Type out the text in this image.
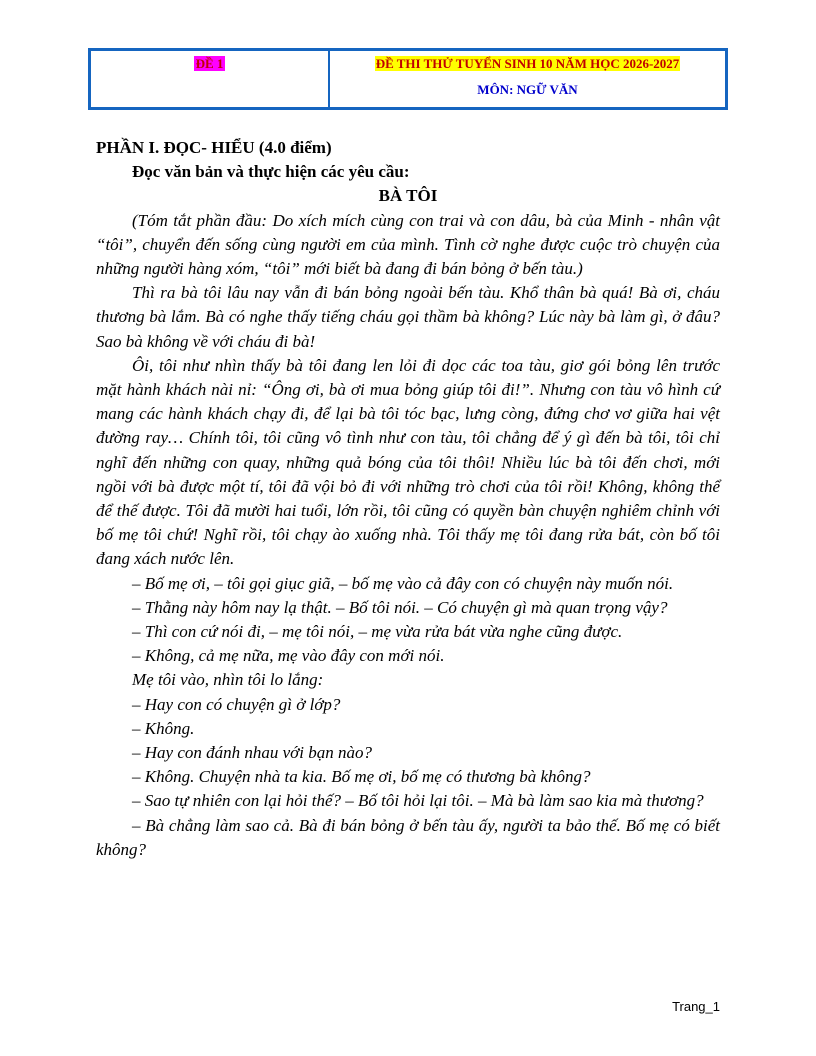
ĐỀ 1	ĐỀ THI THỬ TUYỂN SINH 10 NĂM HỌC 2026-2027
MÔN: NGỮ VĂN

PHẦN I. ĐỌC- HIỂU (4.0 điểm)

Đọc văn bản và thực hiện các yêu cầu:

BÀ TÔI

(Tóm tắt phần đầu: Do xích mích cùng con trai và con dâu, bà của Minh - nhân vật “tôi”, chuyển đến sống cùng người em của mình. Tình cờ nghe được cuộc trò chuyện của những người hàng xóm, “tôi” mới biết bà đang đi bán bỏng ở bến tàu.)

Thì ra bà tôi lâu nay vẫn đi bán bỏng ngoài bến tàu. Khổ thân bà quá! Bà ơi, cháu thương bà lắm. Bà có nghe thấy tiếng cháu gọi thầm bà không? Lúc này bà làm gì, ở đâu? Sao bà không về với cháu đi bà!

Ôi, tôi như nhìn thấy bà tôi đang len lỏi đi dọc các toa tàu, giơ gói bỏng lên trước mặt hành khách nài nỉ: “Ông ơi, bà ơi mua bỏng giúp tôi đi!”. Nhưng con tàu vô hình cứ mang các hành khách chạy đi, để lại bà tôi tóc bạc, lưng còng, đứng chơ vơ giữa hai vệt đường ray… Chính tôi, tôi cũng vô tình như con tàu, tôi chẳng để ý gì đến bà tôi, tôi chỉ nghĩ đến những con quay, những quả bóng của tôi thôi! Nhiều lúc bà tôi đến chơi, mới ngồi với bà được một tí, tôi đã vội bỏ đi với những trò chơi của tôi rồi! Không, không thể để thế được. Tôi đã mười hai tuổi, lớn rồi, tôi cũng có quyền bàn chuyện nghiêm chỉnh với bố mẹ tôi chứ! Nghĩ rồi, tôi chạy ào xuống nhà. Tôi thấy mẹ tôi đang rửa bát, còn bố tôi đang xách nước lên.

– Bố mẹ ơi, – tôi gọi giục giã, – bố mẹ vào cả đây con có chuyện này muốn nói.

– Thằng này hôm nay lạ thật. – Bố tôi nói. – Có chuyện gì mà quan trọng vậy?

– Thì con cứ nói đi, – mẹ tôi nói, – mẹ vừa rửa bát vừa nghe cũng được.

– Không, cả mẹ nữa, mẹ vào đây con mới nói.

Mẹ tôi vào, nhìn tôi lo lắng:

– Hay con có chuyện gì ở lớp?

– Không.

– Hay con đánh nhau với bạn nào?

– Không. Chuyện nhà ta kia. Bố mẹ ơi, bố mẹ có thương bà không?

– Sao tự nhiên con lại hỏi thế? – Bố tôi hỏi lại tôi. – Mà bà làm sao kia mà thương?

– Bà chẳng làm sao cả. Bà đi bán bỏng ở bến tàu ấy, người ta bảo thế. Bố mẹ có biết không?

Trang_1
